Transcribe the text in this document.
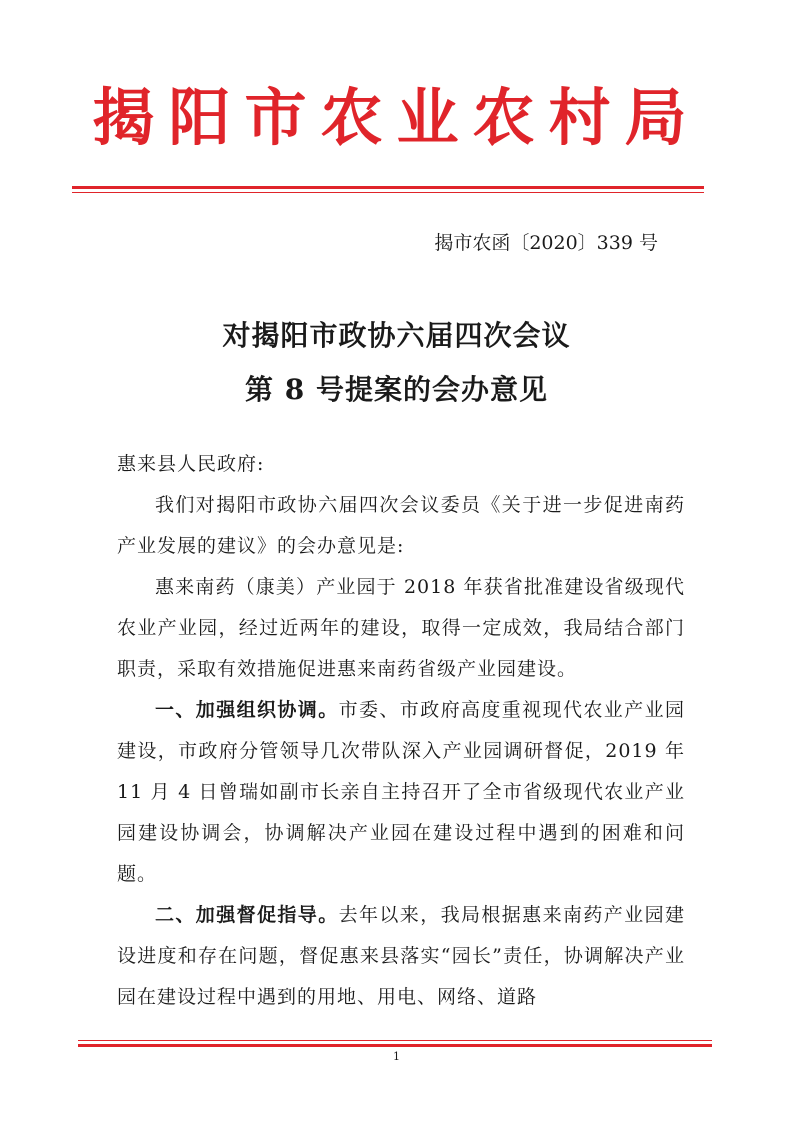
揭阳市农业农村局
揭市农函〔2020〕339 号
对揭阳市政协六届四次会议
第 8 号提案的会办意见

惠来县人民政府:

我们对揭阳市政协六届四次会议委员《关于进一步促进南药产业发展的建议》的会办意见是:

惠来南药（康美）产业园于 2018 年获省批准建设省级现代农业产业园，经过近两年的建设，取得一定成效，我局结合部门职责，采取有效措施促进惠来南药省级产业园建设。

一、加强组织协调。市委、市政府高度重视现代农业产业园建设，市政府分管领导几次带队深入产业园调研督促，2019 年 11 月 4 日曾瑞如副市长亲自主持召开了全市省级现代农业产业园建设协调会，协调解决产业园在建设过程中遇到的困难和问题。

二、加强督促指导。去年以来，我局根据惠来南药产业园建设进度和存在问题，督促惠来县落实“园长”责任，协调解决产业园在建设过程中遇到的用地、用电、网络、道路

1
